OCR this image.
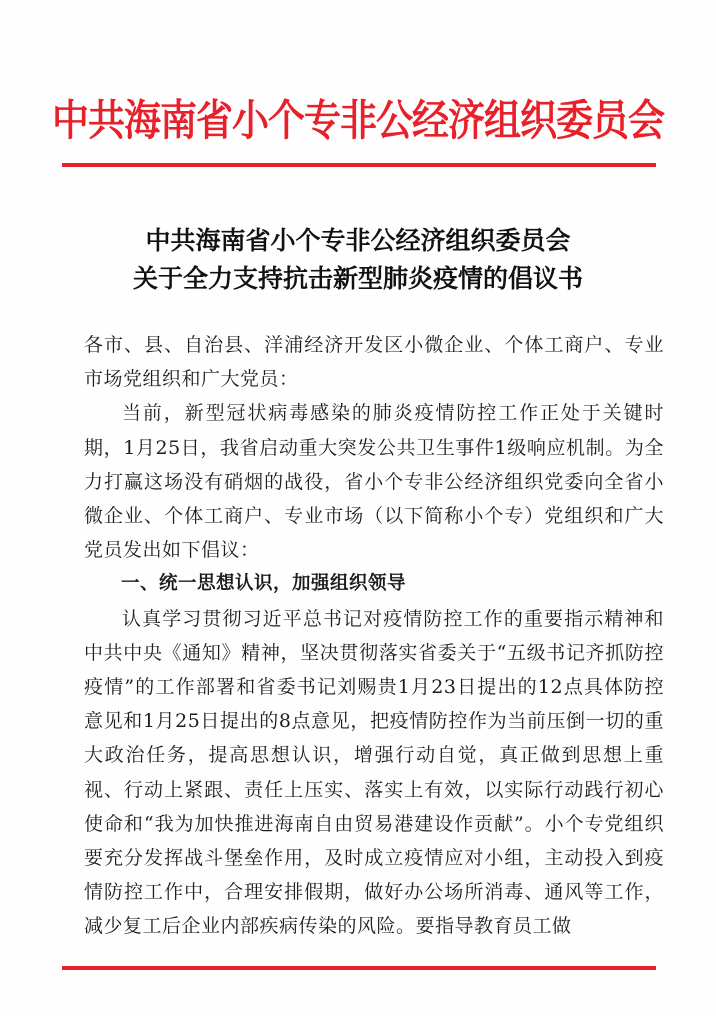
中共海南省小个专非公经济组织委员会
中共海南省小个专非公经济组织委员会
关于全力支持抗击新型肺炎疫情的倡议书

各市、县、自治县、洋浦经济开发区小微企业、个体工商户、专业市场党组织和广大党员：

当前，新型冠状病毒感染的肺炎疫情防控工作正处于关键时期，1月25日，我省启动重大突发公共卫生事件1级响应机制。为全力打赢这场没有硝烟的战役，省小个专非公经济组织党委向全省小微企业、个体工商户、专业市场（以下简称小个专）党组织和广大党员发出如下倡议：

一、统一思想认识，加强组织领导

认真学习贯彻习近平总书记对疫情防控工作的重要指示精神和中共中央《通知》精神，坚决贯彻落实省委关于“五级书记齐抓防控疫情”的工作部署和省委书记刘赐贵1月23日提出的12点具体防控意见和1月25日提出的8点意见，把疫情防控作为当前压倒一切的重大政治任务，提高思想认识，增强行动自觉，真正做到思想上重视、行动上紧跟、责任上压实、落实上有效，以实际行动践行初心使命和“我为加快推进海南自由贸易港建设作贡献”。小个专党组织要充分发挥战斗堡垒作用，及时成立疫情应对小组，主动投入到疫情防控工作中，合理安排假期，做好办公场所消毒、通风等工作，减少复工后企业内部疾病传染的风险。要指导教育员工做
